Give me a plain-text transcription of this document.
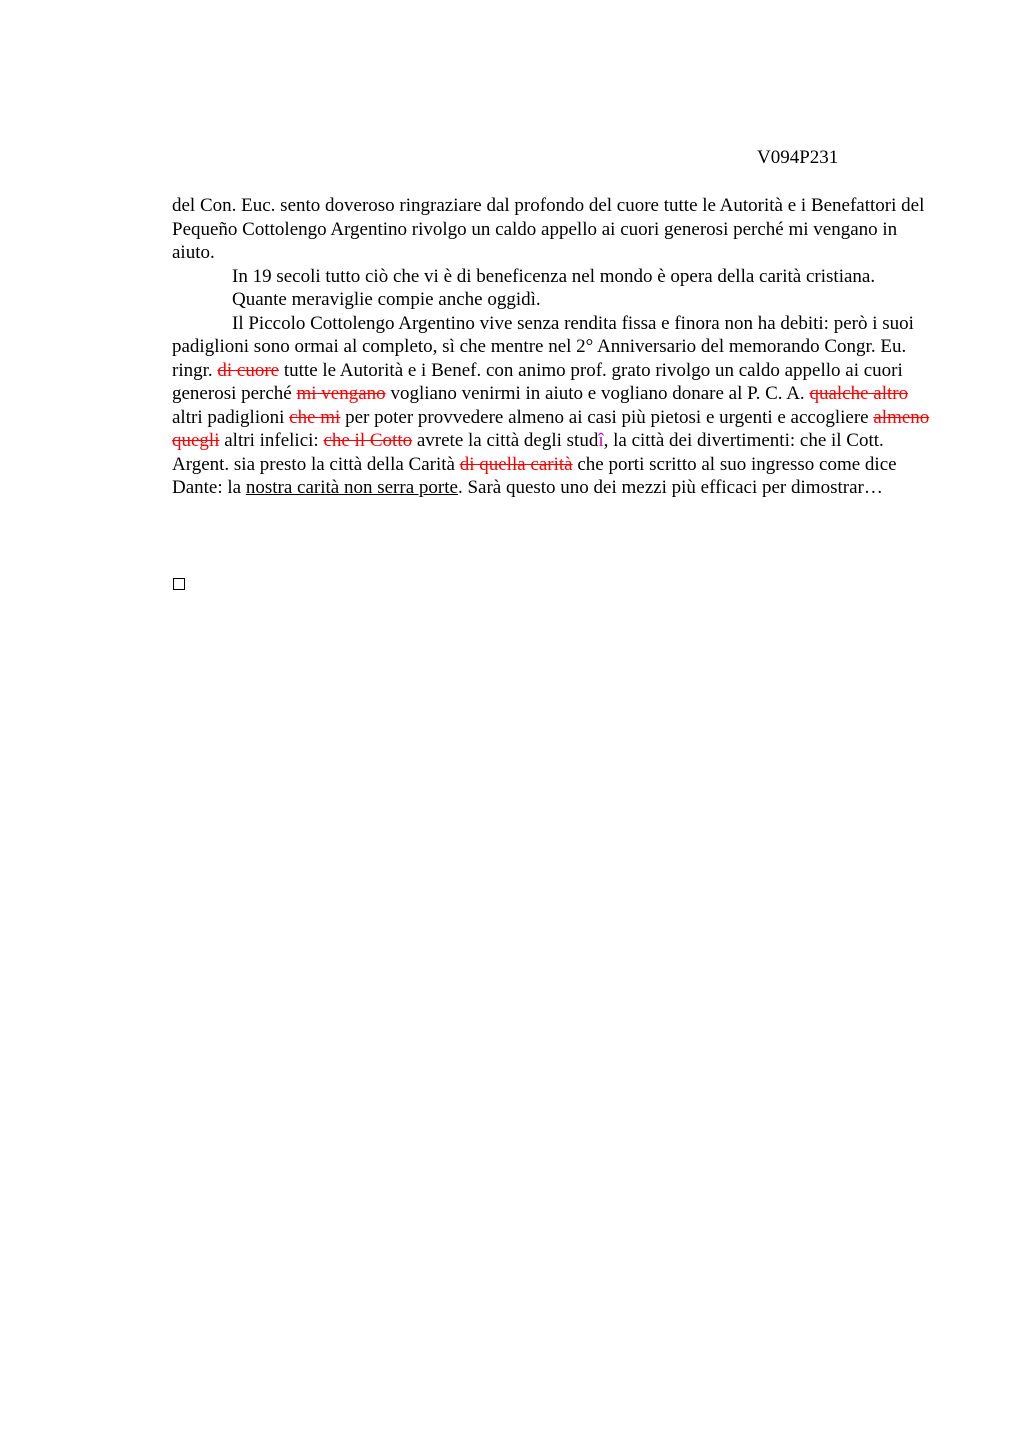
V094P231

del Con. Euc. sento doveroso ringraziare dal profondo del cuore tutte le Autorità e i Benefattori del Pequeño Cottolengo Argentino rivolgo un caldo appello ai cuori generosi perché mi vengano in aiuto.

In 19 secoli tutto ciò che vi è di beneficenza nel mondo è opera della carità cristiana.

Quante meraviglie compie anche oggidì.

Il Piccolo Cottolengo Argentino vive senza rendita fissa e finora non ha debiti: però i suoi padiglioni sono ormai al completo, sì che mentre nel 2° Anniversario del memorando Congr. Eu. ringr. di cuore tutte le Autorità e i Benef. con animo prof. grato rivolgo un caldo appello ai cuori generosi perché mi vengano vogliano venirmi in aiuto e vogliano donare al P. C. A. qualche altro altri padiglioni che mi per poter provvedere almeno ai casi più pietosi e urgenti e accogliere almeno quegli altri infelici: che il Cotto avrete la città degli studî, la città dei divertimenti: che il Cott. Argent. sia presto la città della Carità di quella carità che porti scritto al suo ingresso come dice Dante: la nostra carità non serra porte. Sarà questo uno dei mezzi più efficaci per dimostrar…
